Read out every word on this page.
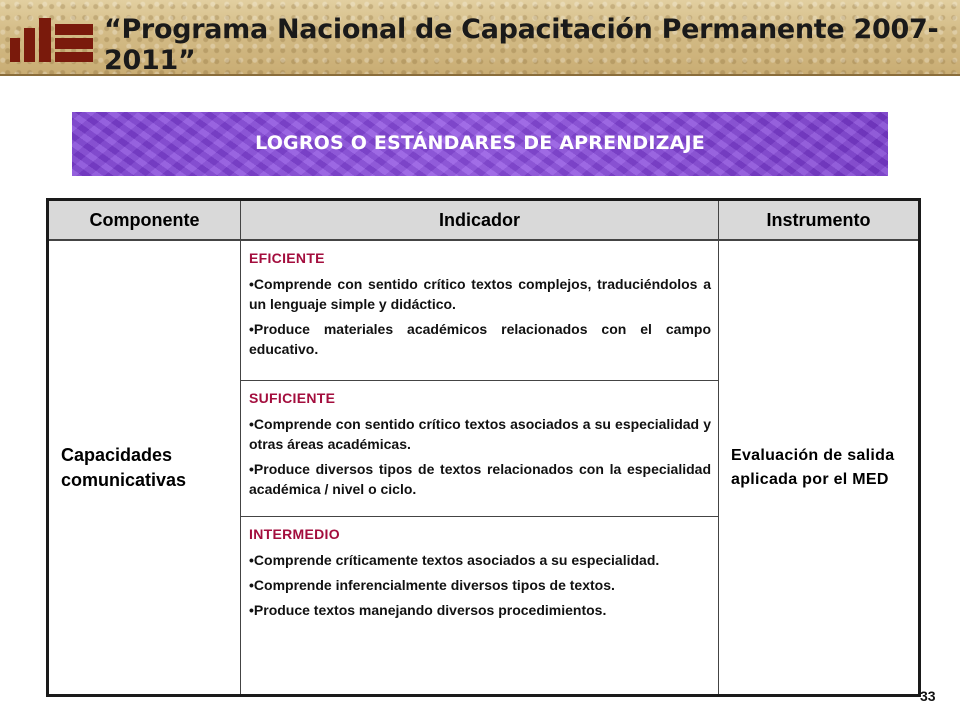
“Programa Nacional de Capacitación Permanente 2007-2011”
LOGROS O ESTÁNDARES DE APRENDIZAJE
Componente	Indicador	Instrumento
Capacidades comunicativas	EFICIENTE
• Comprende con sentido crítico textos complejos, traduciéndolos a un lenguaje simple y didáctico.
• Produce materiales académicos relacionados con el campo educativo.	Evaluación de salida aplicada por el MED

	SUFICIENTE
• Comprende con sentido crítico textos asociados a su especialidad y otras áreas académicas.
• Produce diversos tipos de textos relacionados con la especialidad académica / nivel o ciclo.

	INTERMEDIO
• Comprende críticamente textos asociados a su especialidad.
• Comprende inferencialmente diversos tipos de textos.
• Produce textos manejando diversos procedimientos.
33
